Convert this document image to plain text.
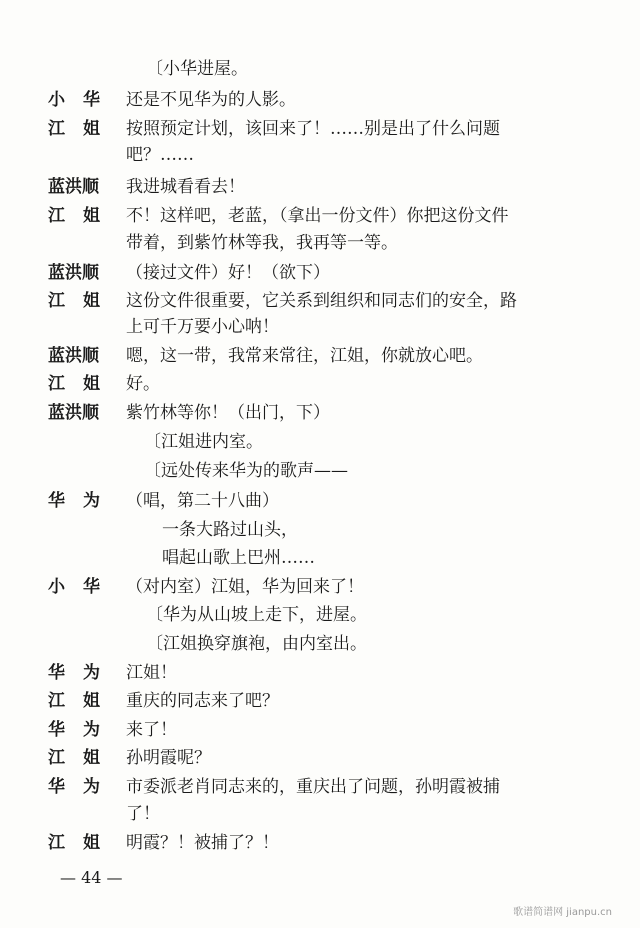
〔小华进屋。
小华 还是不见华为的人影。
江姐 按照预定计划，该回来了！……别是出了什么问题
吧？……
蓝洪顺	我进城看看去！
江姐 不！这样吧，老蓝，（拿出一份文件）你把这份文件
带着，到紫竹林等我，我再等一等。
蓝洪顺	（接过文件）好！（欲下）
江姐 这份文件很重要，它关系到组织和同志们的安全，路
上可千万要小心呐！
蓝洪顺	嗯，这一带，我常来常往，江姐，你就放心吧。
江姐 好。
蓝洪顺	紫竹林等你！（出门，下）
〔江姐进内室。
〔远处传来华为的歌声——
华为 （唱，第二十八曲）
一条大路过山头，
唱起山歌上巴州……
小华 （对内室）江姐，华为回来了！
〔华为从山坡上走下，进屋。
〔江姐换穿旗袍，由内室出。
华为 江姐！
江姐 重庆的同志来了吧？
华为 来了！
江姐 孙明霞呢？
华为 市委派老肖同志来的，重庆出了问题，孙明霞被捕
了！
江姐 明霞？！被捕了？！
— 44 —
歌谱简谱网 jianpu.cn
